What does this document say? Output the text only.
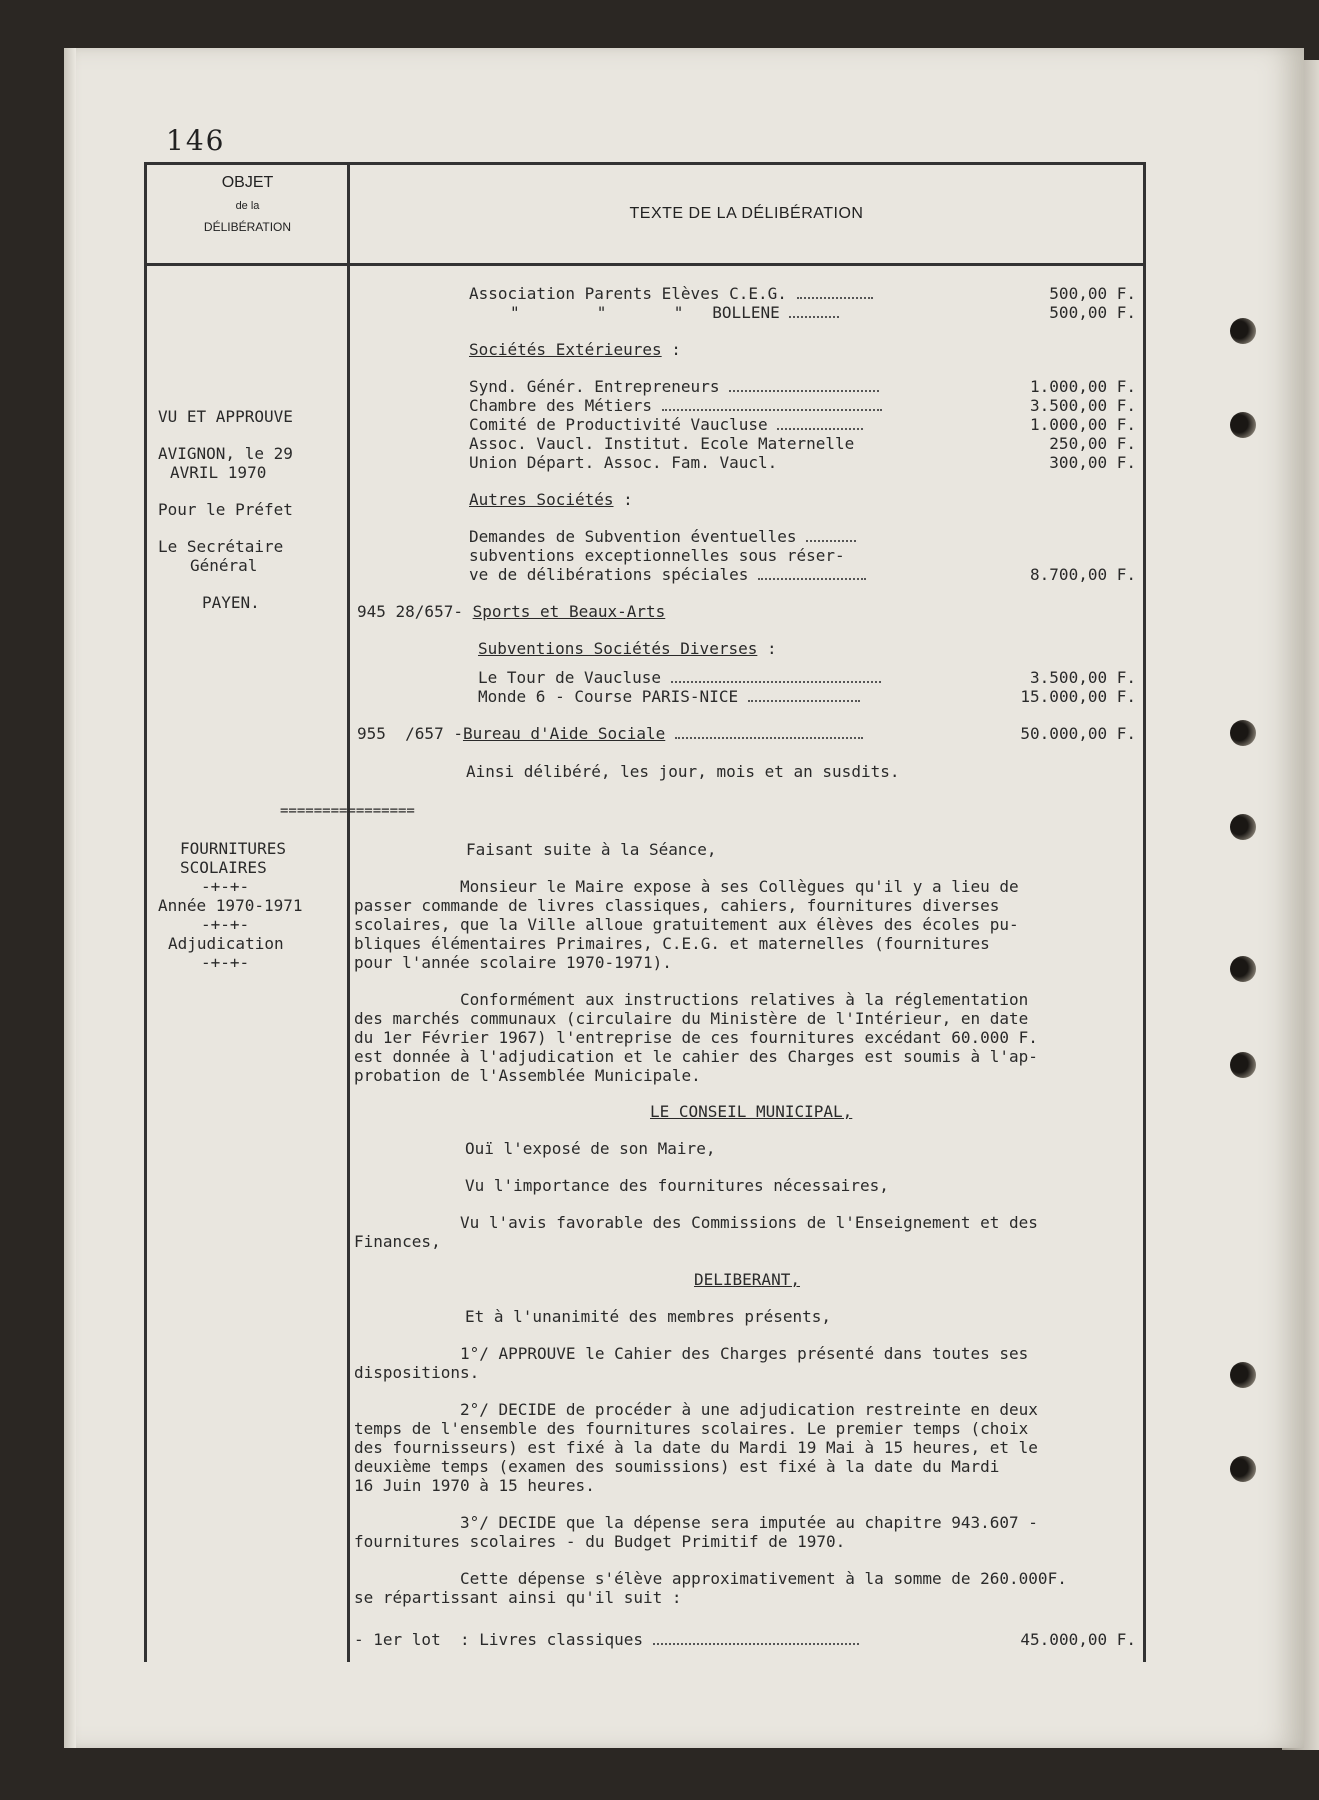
146
OBJET
de la
DÉLIBÉRATION
TEXTE DE LA DÉLIBÉRATION
VU ET APPROUVE
AVIGNON, le 29
AVRIL 1970
Pour le Préfet
Le Secrétaire
Général
PAYEN.
================
FOURNITURES
SCOLAIRES
-+-+-
Année 1970-1971
-+-+-
Adjudication
-+-+-
Association Parents Elèves C.E.G.	500,00 F.
"        "       "   BOLLENE	500,00 F.
Sociétés Extérieures :
Synd. Génér. Entrepreneurs	1.000,00 F.
Chambre des Métiers	3.500,00 F.
Comité de Productivité Vaucluse	1.000,00 F.
Assoc. Vaucl. Institut. Ecole Maternelle	250,00 F.
Union Départ. Assoc. Fam. Vaucl.	300,00 F.
Autres Sociétés :
Demandes de Subvention éventuelles
subventions exceptionnelles sous réser-
ve de délibérations spéciales	8.700,00 F.
945 28/657- Sports et Beaux-Arts
Subventions Sociétés Diverses :
Le Tour de Vaucluse	3.500,00 F.
Monde 6 - Course PARIS-NICE	15.000,00 F.
955  /657 -Bureau d'Aide Sociale	50.000,00 F.
Ainsi délibéré, les jour, mois et an susdits.
Faisant suite à la Séance,
Monsieur le Maire expose à ses Collègues qu'il y a lieu de
passer commande de livres classiques, cahiers, fournitures diverses
scolaires, que la Ville alloue gratuitement aux élèves des écoles pu-
bliques élémentaires Primaires, C.E.G. et maternelles (fournitures
pour l'année scolaire 1970-1971).
Conformément aux instructions relatives à la réglementation
des marchés communaux (circulaire du Ministère de l'Intérieur, en date
du 1er Février 1967) l'entreprise de ces fournitures excédant 60.000 F.
est donnée à l'adjudication et le cahier des Charges est soumis à l'ap-
probation de l'Assemblée Municipale.
LE CONSEIL MUNICIPAL,
Ouï l'exposé de son Maire,
Vu l'importance des fournitures nécessaires,
Vu l'avis favorable des Commissions de l'Enseignement et des
Finances,
DELIBERANT,
Et à l'unanimité des membres présents,
1°/ APPROUVE le Cahier des Charges présenté dans toutes ses
dispositions.
2°/ DECIDE de procéder à une adjudication restreinte en deux
temps de l'ensemble des fournitures scolaires. Le premier temps (choix
des fournisseurs) est fixé à la date du Mardi 19 Mai à 15 heures, et le
deuxième temps (examen des soumissions) est fixé à la date du Mardi
16 Juin 1970 à 15 heures.
3°/ DECIDE que la dépense sera imputée au chapitre 943.607 -
fournitures scolaires - du Budget Primitif de 1970.
Cette dépense s'élève approximativement à la somme de 260.000F.
se répartissant ainsi qu'il suit :
- 1er lot  : Livres classiques	45.000,00 F.
